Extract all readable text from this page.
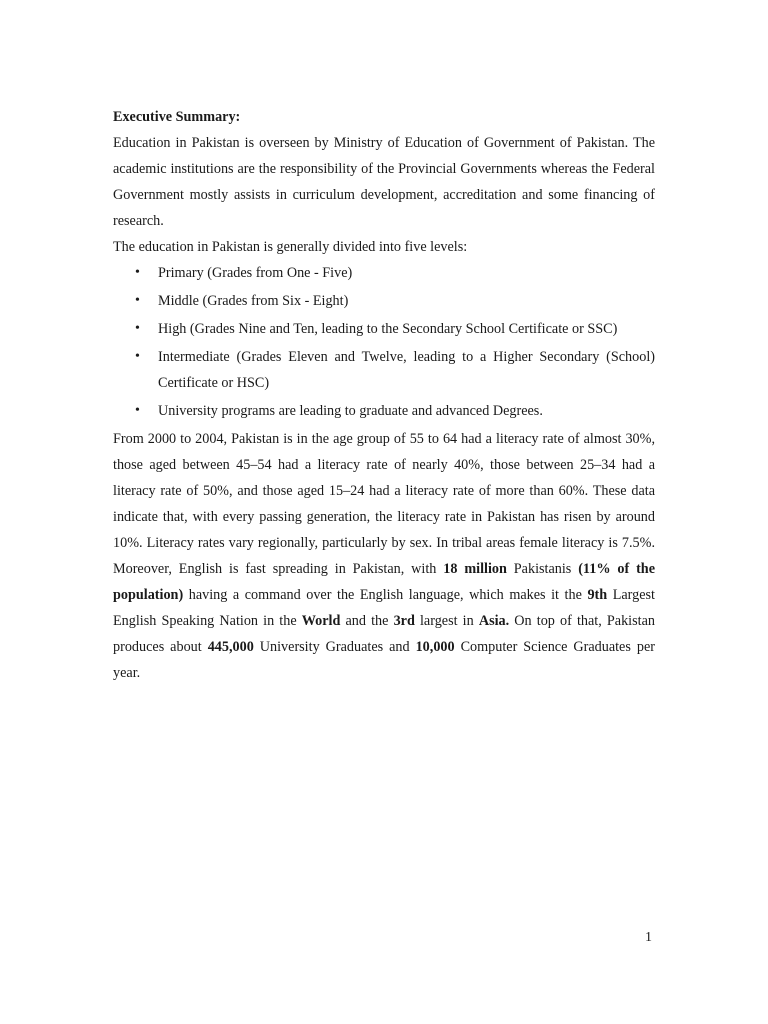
Executive Summary:

Education in Pakistan is overseen by Ministry of Education of Government of Pakistan. The academic institutions are the responsibility of the Provincial Governments whereas the Federal Government mostly assists in curriculum development, accreditation and some financing of research.

The education in Pakistan is generally divided into five levels:

• Primary (Grades from One - Five)
• Middle (Grades from Six - Eight)
• High (Grades Nine and Ten, leading to the Secondary School Certificate or SSC)
• Intermediate (Grades Eleven and Twelve, leading to a Higher Secondary (School) Certificate or HSC)
• University programs are leading to graduate and advanced Degrees.

From 2000 to 2004, Pakistan is in the age group of 55 to 64 had a literacy rate of almost 30%, those aged between 45–54 had a literacy rate of nearly 40%, those between 25–34 had a literacy rate of 50%, and those aged 15–24 had a literacy rate of more than 60%. These data indicate that, with every passing generation, the literacy rate in Pakistan has risen by around 10%. Literacy rates vary regionally, particularly by sex. In tribal areas female literacy is 7.5%. Moreover, English is fast spreading in Pakistan, with 18 million Pakistanis (11% of the population) having a command over the English language, which makes it the 9th Largest English Speaking Nation in the World and the 3rd largest in Asia. On top of that, Pakistan produces about 445,000 University Graduates and 10,000 Computer Science Graduates per year.

1
